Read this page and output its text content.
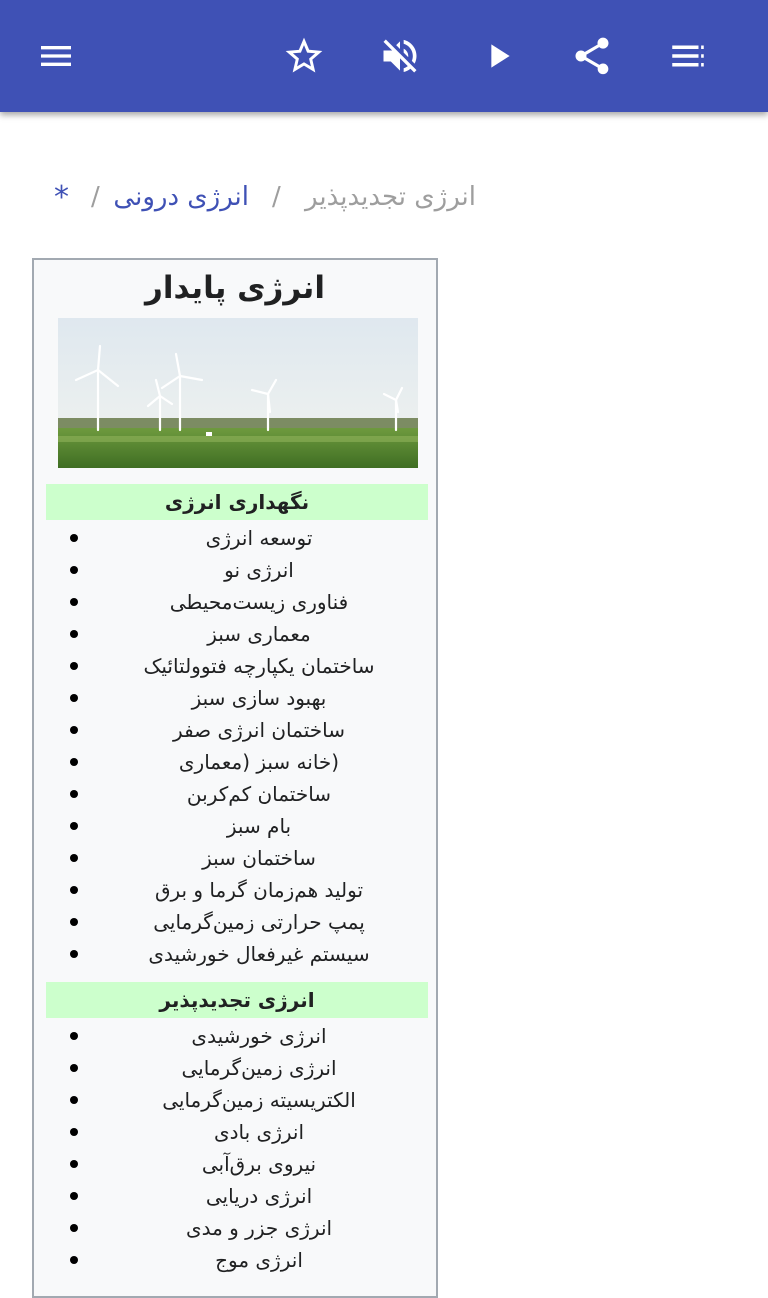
انرژی تجدیدپذیر
/
انرژی درونی
/
*
انرژی پایدار
نگهداری انرژی
توسعه انرژی
انرژی نو
فناوری زیست‌محیطی
معماری سبز
ساختمان یکپارچه فتوولتائیک
بهبود سازی سبز
ساختمان انرژی صفر
(خانه سبز (معماری
ساختمان کم‌کربن
بام سبز
ساختمان سبز
تولید هم‌زمان گرما و برق
پمپ حرارتی زمین‌گرمایی
سیستم غیرفعال خورشیدی
انرژی تجدیدپذیر
انرژی خورشیدی
انرژی زمین‌گرمایی
الکتریسیته زمین‌گرمایی
انرژی بادی
نیروی برق‌آبی
انرژی دریایی
انرژی جزر و مدی
انرژی موج
